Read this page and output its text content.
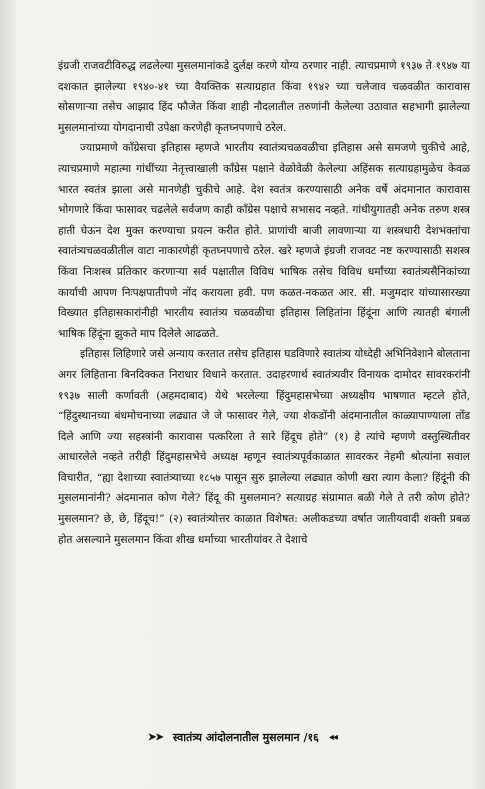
इंग्रजी राजवटीविरुद्ध लढलेल्या मुसलमानांकडे दुर्लक्ष करणे योग्य ठरणार नाही. त्याचप्रमाणे १९३७ ते १९४७ या दशकात झालेल्या १९४०-४१ च्या वैयक्तिक सत्याग्रहात किंवा १९४२ च्या चलेजाव चळवळीत कारावास सोसणाऱ्या तसेच आझाद हिंद फौजेत किंवा शाही नौदलातील तरुणांनी केलेल्या उठावात सहभागी झालेल्या मुसलमानांच्या योगदानाची उपेक्षा करणेही कृतघ्नपणाचे ठरेल.

ज्याप्रमाणे कॉंग्रेसचा इतिहास म्हणजे भारतीय स्वातंत्र्यचळवळीचा इतिहास असे समजणे चुकीचे आहे, त्याचप्रमाणे महात्मा गांधींच्या नेतृत्त्वाखाली कॉंग्रेस पक्षाने वेळोवेळी केलेल्या अहिंसक सत्याग्रहामुळेच केवळ भारत स्वतंत्र झाला असे मानणेही चुकीचे आहे. देश स्वतंत्र करण्यासाठी अनेक वर्षे अंदमानात कारावास भोगणारे किंवा फासावर चढलेले सर्वजण काही कॉंग्रेस पक्षाचे सभासद नव्हते. गांधीयुगातही अनेक तरुण शस्त्र हाती घेऊन देश मुक्त करण्याचा प्रयत्न करीत होते. प्राणांची बाजी लावणाऱ्या या शस्त्रधारी देशभक्तांचा स्वातंत्र्यचळवळीतील वाटा नाकारणेही कृतघ्नपणाचे ठरेल. खरे म्हणजे इंग्रजी राजवट नष्ट करण्यासाठी सशस्त्र किंवा निःशस्त्र प्रतिकार करणाऱ्या सर्व पक्षातील विविध भाषिक तसेच विविध धर्मांच्या स्वातंत्र्यसैनिकांच्या कार्याची आपण निःपक्षपातीपणे नोंद करायला हवी. पण कळत-नकळत आर. सी. मजुमदार यांच्यासारख्या विख्यात इतिहासकारांनीही भारतीय स्वातंत्र्य चळवळीचा इतिहास लिहितांना हिंदूंना आणि त्यातही बंगाली भाषिक हिंदूंना झुकते माप दिलेले आढळते.

इतिहास लिहिणारे जसे अन्याय करतात तसेच इतिहास घडविणारे स्वातंत्र्य योध्देही अभिनिवेशाने बोलताना अगर लिहिताना बिनदिक्कत निराधार विधाने करतात. उदाहरणार्थ स्वातंत्र्यवीर विनायक दामोदर सावरकरांनी १९३७ साली कर्णावती (अहमदाबाद) येथे भरलेल्या हिंदुमहासभेच्या अध्यक्षीय भाषणात म्हटले होते, “हिंदुस्थानच्या बंधमोचनाच्या लढ्यात जे जे फासावर गेले, ज्या शेकडोंनी अंदमानातील काळ्यापाण्याला तोंड दिले आणि ज्या सहस्त्रांनी कारावास पत्करिला ते सारे हिंदूच होते” (१) हे त्यांचे म्हणणे वस्तुस्थितीवर आधारलेले नव्हते तरीही हिंदुमहासभेचे अध्यक्ष म्हणून स्वातंत्र्यपूर्वकाळात सावरकर नेहमी श्रोत्यांना सवाल विचारीत, “ह्या देशाच्या स्वातंत्र्याच्या १८५७ पासून सुरु झालेल्या लढ्यात कोणी खरा त्याग केला? हिंदूंनी की मुसलमानांनी? अंदमानात कोण गेले? हिंदू की मुसलमान? सत्याग्रह संग्रामात बळी गेले ते तरी कोण होते? मुसलमान? छे, छे, हिंदूच!” (२) स्वातंत्र्योत्तर काळात विशेषत: अलीकडच्या वर्षात जातीयवादी शक्ती प्रबळ होत असल्याने मुसलमान किंवा शीख धर्माच्या भारतीयांवर ते देशाचे

➤➤ स्वातंत्र्य आंदोलनातील मुसलमान /१६ ◂◂
